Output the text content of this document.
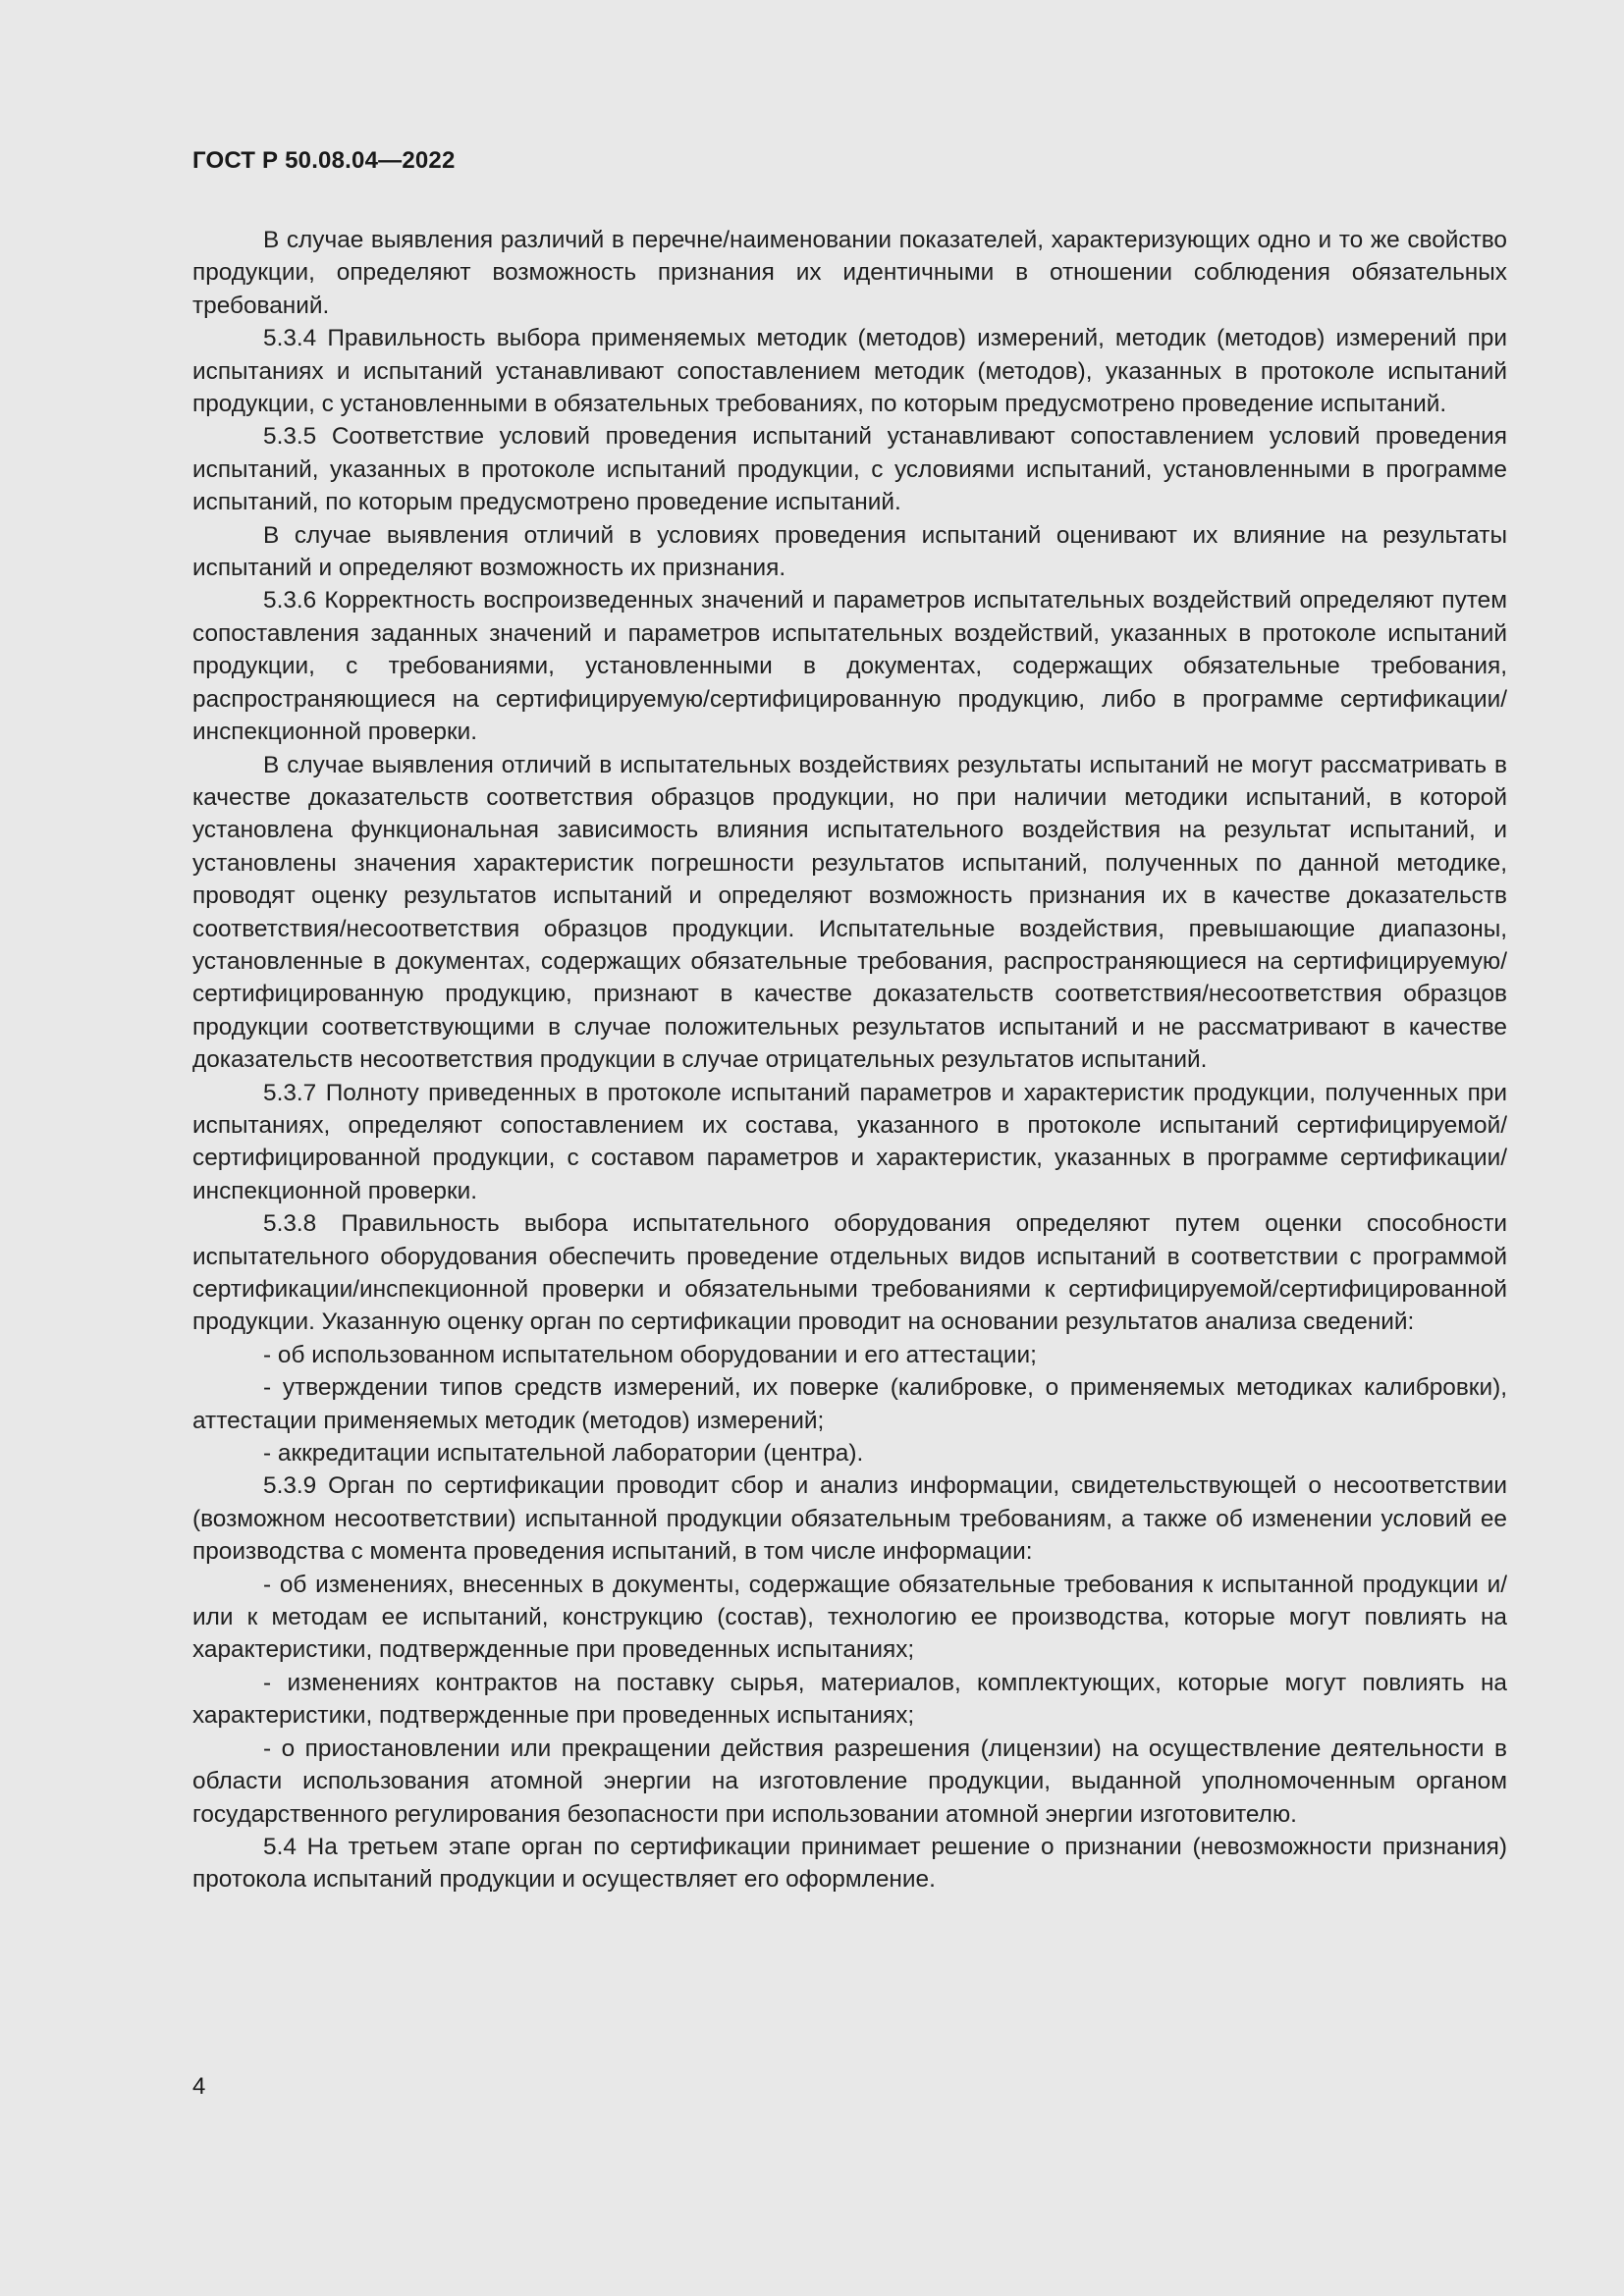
ГОСТ Р 50.08.04—2022

В случае выявления различий в перечне/наименовании показателей, характеризующих одно и то же свойство продукции, определяют возможность признания их идентичными в отношении соблюдения обязательных требований.

5.3.4 Правильность выбора применяемых методик (методов) измерений, методик (методов) измерений при испытаниях и испытаний устанавливают сопоставлением методик (методов), указанных в протоколе испытаний продукции, с установленными в обязательных требованиях, по которым предусмотрено проведение испытаний.

5.3.5 Соответствие условий проведения испытаний устанавливают сопоставлением условий проведения испытаний, указанных в протоколе испытаний продукции, с условиями испытаний, установленными в программе испытаний, по которым предусмотрено проведение испытаний.

В случае выявления отличий в условиях проведения испытаний оценивают их влияние на результаты испытаний и определяют возможность их признания.

5.3.6 Корректность воспроизведенных значений и параметров испытательных воздействий определяют путем сопоставления заданных значений и параметров испытательных воздействий, указанных в протоколе испытаний продукции, с требованиями, установленными в документах, содержащих обязательные требования, распространяющиеся на сертифицируемую/сертифицированную продукцию, либо в программе сертификации/инспекционной проверки.

В случае выявления отличий в испытательных воздействиях результаты испытаний не могут рассматривать в качестве доказательств соответствия образцов продукции, но при наличии методики испытаний, в которой установлена функциональная зависимость влияния испытательного воздействия на результат испытаний, и установлены значения характеристик погрешности результатов испытаний, полученных по данной методике, проводят оценку результатов испытаний и определяют возможность признания их в качестве доказательств соответствия/несоответствия образцов продукции. Испытательные воздействия, превышающие диапазоны, установленные в документах, содержащих обязательные требования, распространяющиеся на сертифицируемую/сертифицированную продукцию, признают в качестве доказательств соответствия/несоответствия образцов продукции соответствующими в случае положительных результатов испытаний и не рассматривают в качестве доказательств несоответствия продукции в случае отрицательных результатов испытаний.

5.3.7 Полноту приведенных в протоколе испытаний параметров и характеристик продукции, полученных при испытаниях, определяют сопоставлением их состава, указанного в протоколе испытаний сертифицируемой/сертифицированной продукции, с составом параметров и характеристик, указанных в программе сертификации/инспекционной проверки.

5.3.8 Правильность выбора испытательного оборудования определяют путем оценки способности испытательного оборудования обеспечить проведение отдельных видов испытаний в соответствии с программой сертификации/инспекционной проверки и обязательными требованиями к сертифицируемой/сертифицированной продукции. Указанную оценку орган по сертификации проводит на основании результатов анализа сведений:

- об использованном испытательном оборудовании и его аттестации;

- утверждении типов средств измерений, их поверке (калибровке, о применяемых методиках калибровки), аттестации применяемых методик (методов) измерений;

- аккредитации испытательной лаборатории (центра).

5.3.9 Орган по сертификации проводит сбор и анализ информации, свидетельствующей о несоответствии (возможном несоответствии) испытанной продукции обязательным требованиям, а также об изменении условий ее производства с момента проведения испытаний, в том числе информации:

- об изменениях, внесенных в документы, содержащие обязательные требования к испытанной продукции и/или к методам ее испытаний, конструкцию (состав), технологию ее производства, которые могут повлиять на характеристики, подтвержденные при проведенных испытаниях;

- изменениях контрактов на поставку сырья, материалов, комплектующих, которые могут повлиять на характеристики, подтвержденные при проведенных испытаниях;

- о приостановлении или прекращении действия разрешения (лицензии) на осуществление деятельности в области использования атомной энергии на изготовление продукции, выданной уполномоченным органом государственного регулирования безопасности при использовании атомной энергии изготовителю.

5.4 На третьем этапе орган по сертификации принимает решение о признании (невозможности признания) протокола испытаний продукции и осуществляет его оформление.

4
